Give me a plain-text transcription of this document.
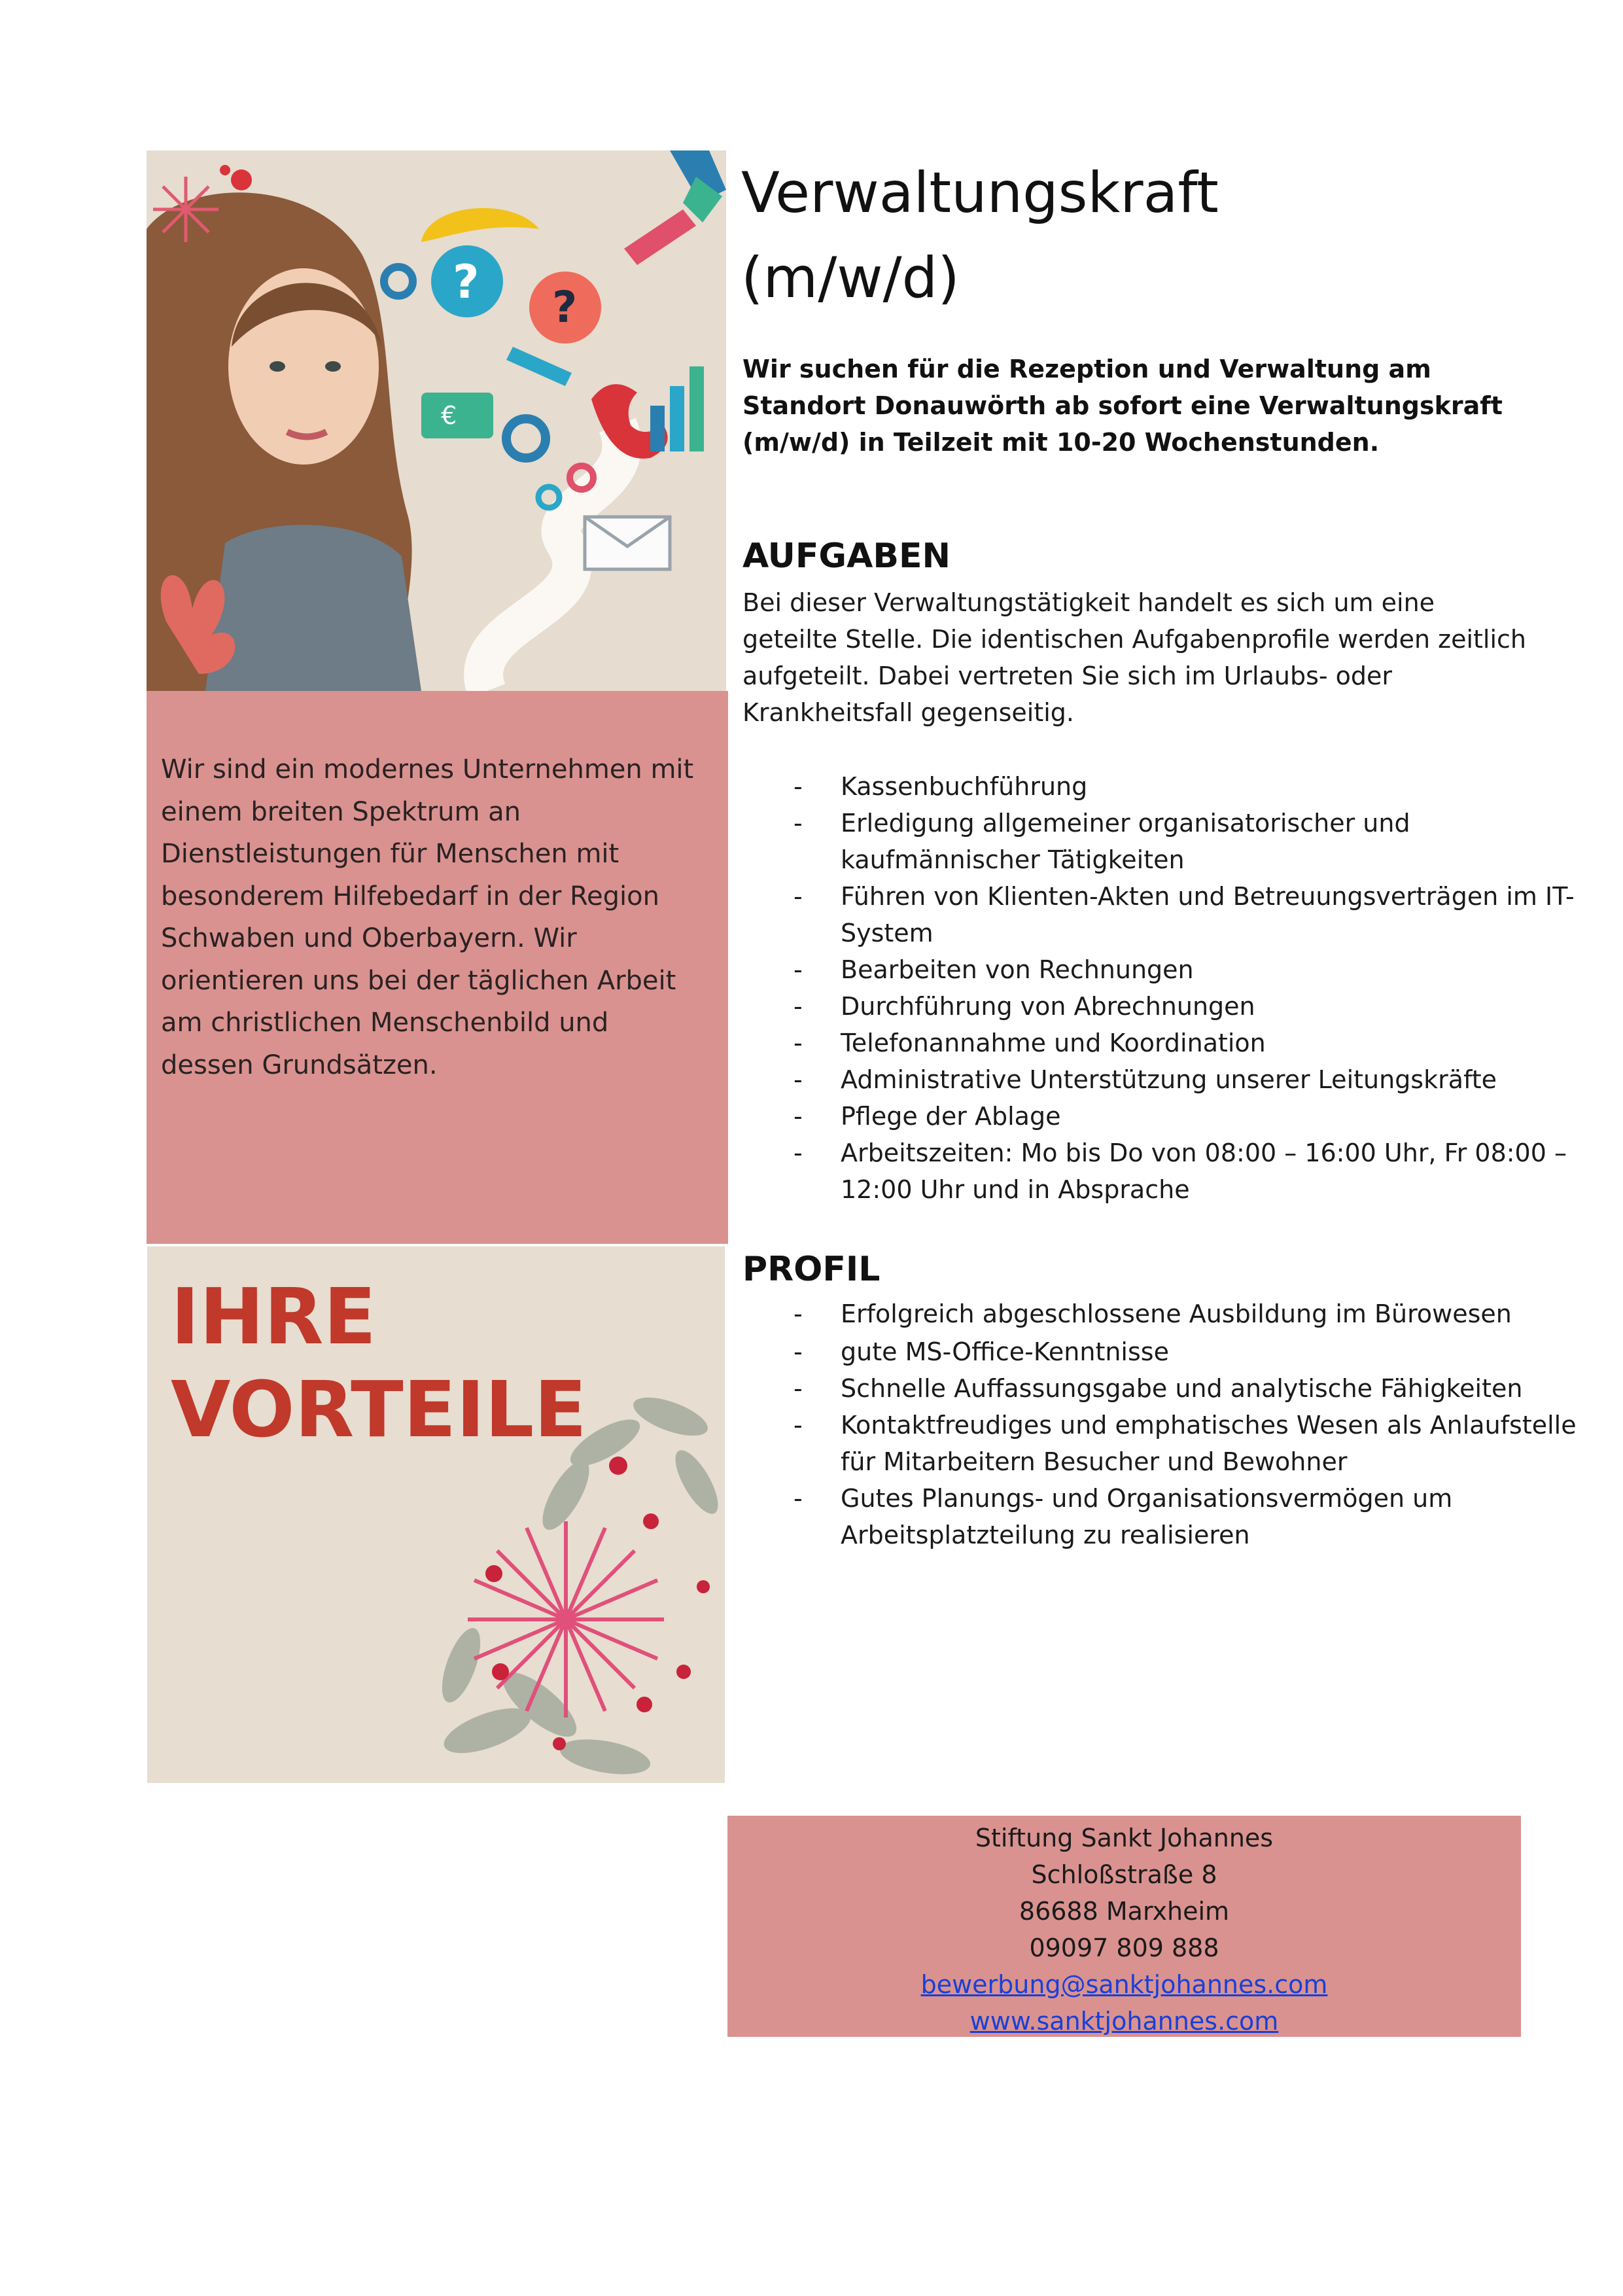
? ?
€

Wir sind ein modernes Unternehmen mit einem breiten Spektrum an Dienstleistungen für Menschen mit besonderem Hilfebedarf in der Region Schwaben und Oberbayern. Wir orientieren uns bei der täglichen Arbeit am christlichen Menschenbild und dessen Grundsätzen.

IHRE
VORTEILE
Verwaltungskraft
(m/w/d)

Wir suchen für die Rezeption und Verwaltung am Standort Donauwörth ab sofort eine Verwaltungskraft (m/w/d) in Teilzeit mit 10-20 Wochenstunden.

AUFGABEN

Bei dieser Verwaltungstätigkeit handelt es sich um eine geteilte Stelle. Die identischen Aufgabenprofile werden zeitlich aufgeteilt. Dabei vertreten Sie sich im Urlaubs- oder Krankheitsfall gegenseitig.

- Kassenbuchführung
- Erledigung allgemeiner organisatorischer und kaufmännischer Tätigkeiten
- Führen von Klienten-Akten und Betreuungsverträgen im IT-System
- Bearbeiten von Rechnungen
- Durchführung von Abrechnungen
- Telefonannahme und Koordination
- Administrative Unterstützung unserer Leitungskräfte
- Pflege der Ablage
- Arbeitszeiten: Mo bis Do von 08:00 – 16:00 Uhr, Fr 08:00 – 12:00 Uhr und in Absprache
PROFIL
- Erfolgreich abgeschlossene Ausbildung im Bürowesen
- gute MS-Office-Kenntnisse
- Schnelle Auffassungsgabe und analytische Fähigkeiten
- Kontaktfreudiges und emphatisches Wesen als Anlaufstelle für Mitarbeitern Besucher und Bewohner
- Gutes Planungs- und Organisationsvermögen um Arbeitsplatzteilung zu realisieren
Stiftung Sankt Johannes
Schloßstraße 8
86688 Marxheim
09097 809 888
bewerbung@sanktjohannes.com
www.sanktjohannes.com
